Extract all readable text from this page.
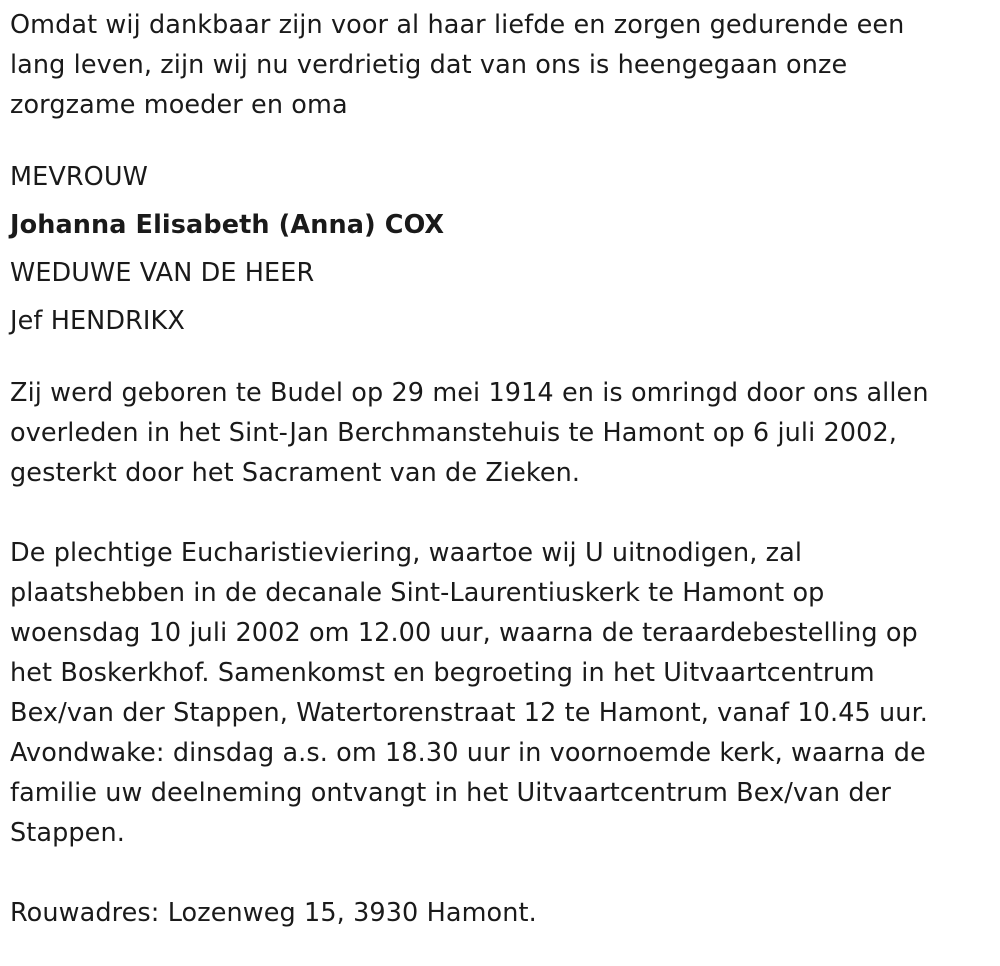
Omdat wij dankbaar zijn voor al haar liefde en zorgen gedurende een
lang leven, zijn wij nu verdrietig dat van ons is heengegaan onze
zorgzame moeder en oma
MEVROUW
Johanna Elisabeth (Anna) COX
WEDUWE VAN DE HEER
Jef HENDRIKX
Zij werd geboren te Budel op 29 mei 1914 en is omringd door ons allen
overleden in het Sint-Jan Berchmanstehuis te Hamont op 6 juli 2002,
gesterkt door het Sacrament van de Zieken.
De plechtige Eucharistieviering, waartoe wij U uitnodigen, zal
plaatshebben in de decanale Sint-Laurentiuskerk te Hamont op
woensdag 10 juli 2002 om 12.00 uur, waarna de teraardebestelling op
het Boskerkhof. Samenkomst en begroeting in het Uitvaartcentrum
Bex/van der Stappen, Watertorenstraat 12 te Hamont, vanaf 10.45 uur.
Avondwake: dinsdag a.s. om 18.30 uur in voornoemde kerk, waarna de
familie uw deelneming ontvangt in het Uitvaartcentrum Bex/van der
Stappen.
Rouwadres: Lozenweg 15, 3930 Hamont.
